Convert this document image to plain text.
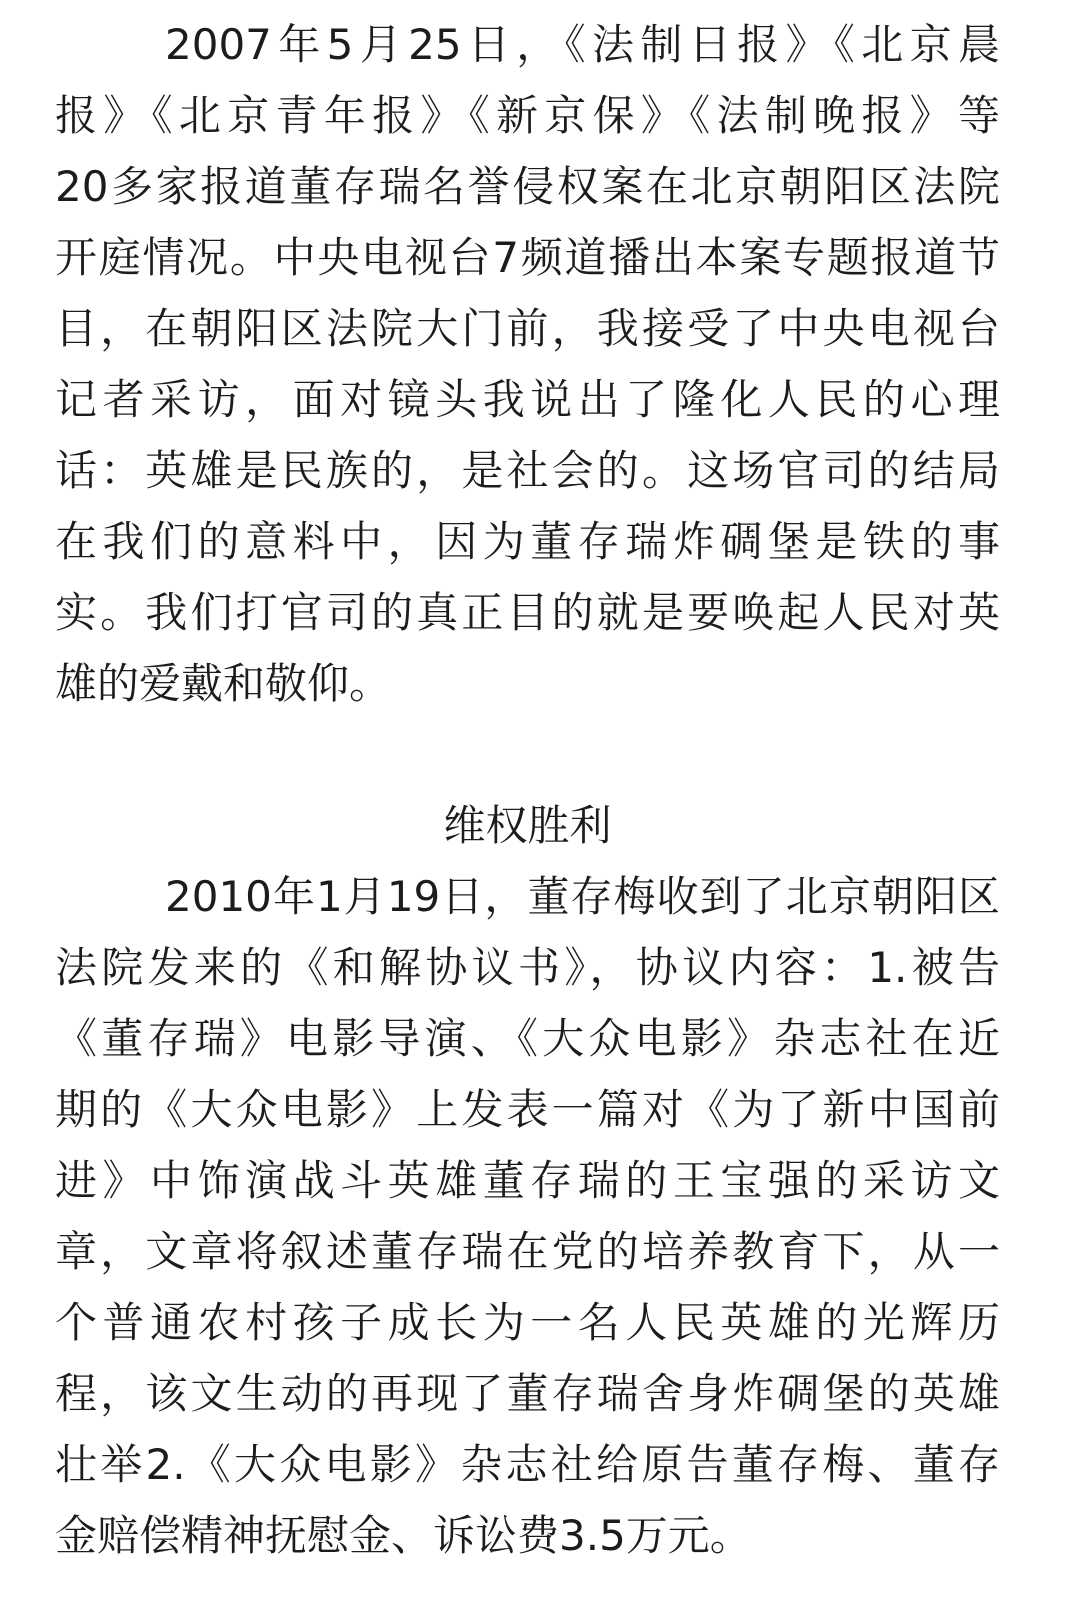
2007年5月25日，《法制日报》《北京晨
报》《北京青年报》《新京保》《法制晚报》等
20多家报道董存瑞名誉侵权案在北京朝阳区法院
开庭情况。中央电视台7频道播出本案专题报道节
目，在朝阳区法院大门前，我接受了中央电视台
记者采访，面对镜头我说出了隆化人民的心理
话：英雄是民族的，是社会的。这场官司的结局
在我们的意料中，因为董存瑞炸碉堡是铁的事
实。我们打官司的真正目的就是要唤起人民对英
雄的爱戴和敬仰。
维权胜利
2010年1月19日，董存梅收到了北京朝阳区
法院发来的《和解协议书》，协议内容：1.被告
《董存瑞》电影导演、《大众电影》杂志社在近
期的《大众电影》上发表一篇对《为了新中国前
进》中饰演战斗英雄董存瑞的王宝强的采访文
章，文章将叙述董存瑞在党的培养教育下，从一
个普通农村孩子成长为一名人民英雄的光辉历
程，该文生动的再现了董存瑞舍身炸碉堡的英雄
壮举2.《大众电影》杂志社给原告董存梅、董存
金赔偿精神抚慰金、诉讼费3.5万元。
